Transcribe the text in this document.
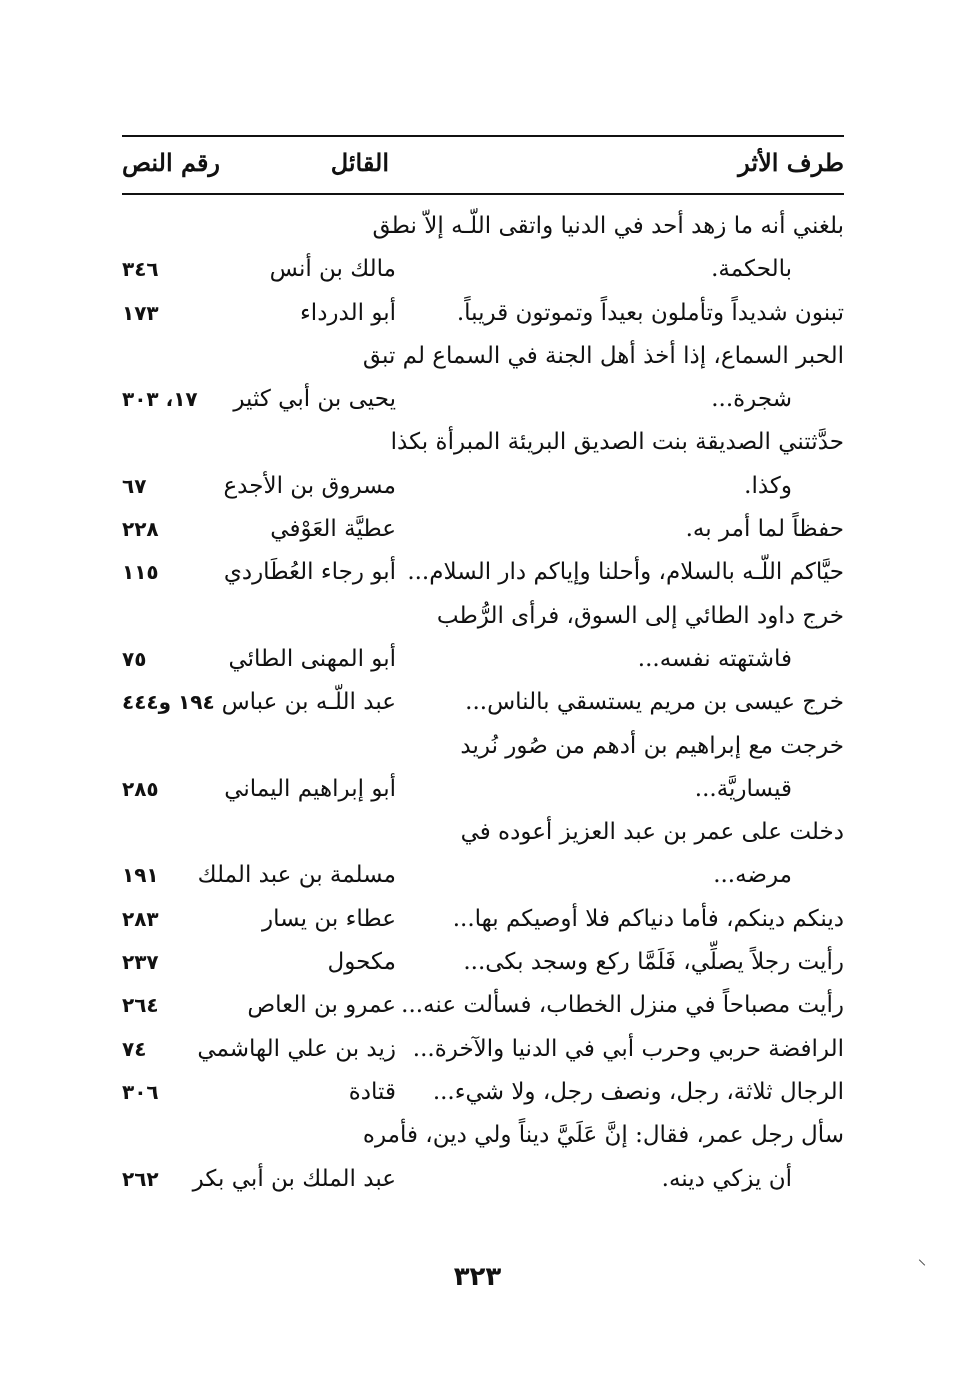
طرف الأثر
القائل
رقم النص
بلغني أنه ما زهد أحد في الدنيا واتقى اللّـه إلاّ نطق
بالحكمة.
مالك بن أنس
٣٤٦
تبنون شديداً وتأملون بعيداً وتموتون قريباً.
أبو الدرداء
١٧٣
الحبر السماع، إذا أخذ أهل الجنة في السماع لم تبق
شجرة...
يحيى بن أبي كثير
١٧، ٣٠٣
حدَّثتني الصديقة بنت الصديق البريئة المبرأة بكذا
وكذا.
مسروق بن الأجدع
٦٧
حفظاً لما أمر به.
عطيَّة العَوْفي
٢٢٨
حيَّاكم اللّـه بالسلام، وأحلنا وإياكم دار السلام...
أبو رجاء العُطَاردي
١١٥
خرج داود الطائي إلى السوق، فرأى الرُّطب
فاشتهته نفسه...
أبو المهنى الطائي
٧٥
خرج عيسى بن مريم يستسقي بالناس...
عبد اللّـه بن عباس
١٩٤ و٤٤٤
خرجت مع إبراهيم بن أدهم من صُور نُريد
قيساريَّة...
أبو إبراهيم اليماني
٢٨٥
دخلت على عمر بن عبد العزيز أعوده في
مرضه...
مسلمة بن عبد الملك
١٩١
دينكم دينكم، فأما دنياكم فلا أوصيكم بها...
عطاء بن يسار
٢٨٣
رأيت رجلاً يصلِّي، فَلَمَّا ركع وسجد بكى...
مكحول
٢٣٧
رأيت مصباحاً في منزل الخطاب، فسألت عنه...
عمرو بن العاص
٢٦٤
الرافضة حربي وحرب أبي في الدنيا والآخرة...
زيد بن علي الهاشمي
٧٤
الرجال ثلاثة، رجل، ونصف رجل، ولا شيء...
قتادة
٣٠٦
سأل رجل عمر، فقال: إنَّ عَلَيَّ ديناً ولي دين، فأمره
أن يزكي دينه.
عبد الملك بن أبي بكر
٢٦٢
٣٢٣
